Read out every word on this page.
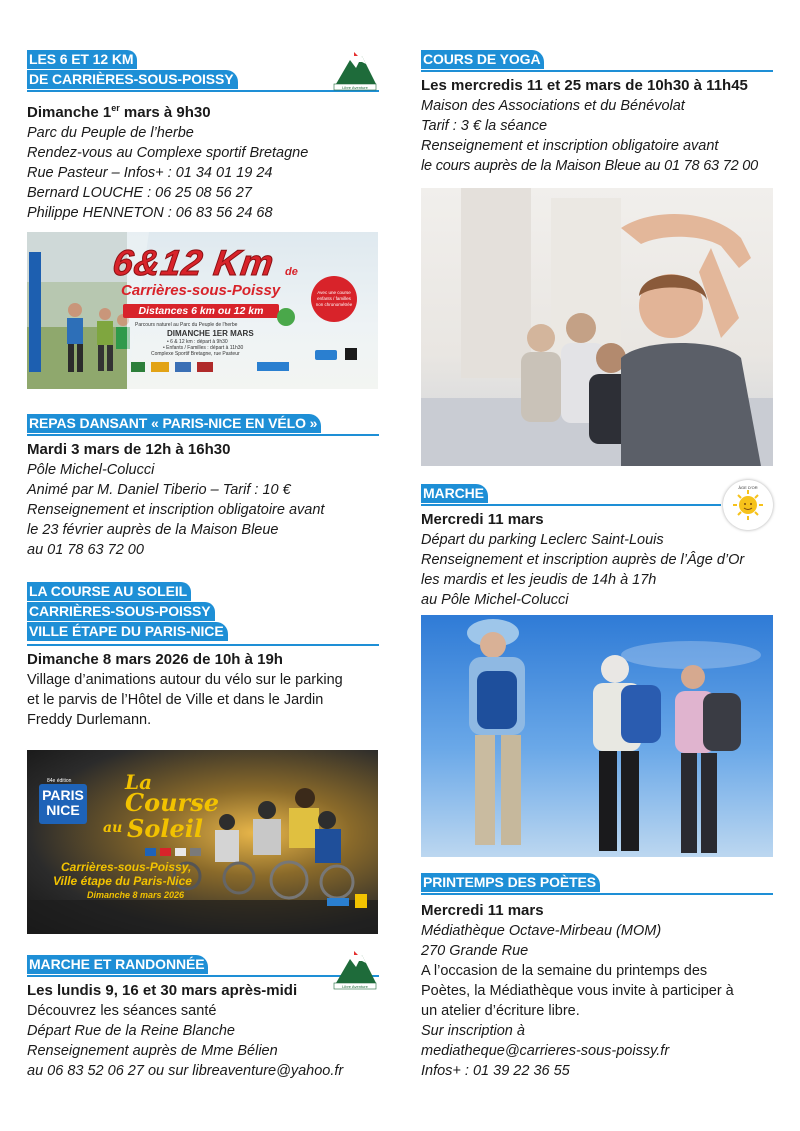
LES 6 ET 12 KM
DE CARRIÈRES-SOUS-POISSY
Libre Aventure
Dimanche 1er mars à 9h30
Parc du Peuple de l’herbe
Rendez-vous au Complexe sportif Bretagne
Rue Pasteur – Infos+ : 01 34 01 19 24
Bernard LOUCHE : 06 25 08 56 27
Philippe HENNETON : 06 83 56 24 68
6&12 Km de
Carrières-sous-Poissy
Distances 6 km ou 12 km
Parcours naturel au Parc du Peuple de l'herbe
DIMANCHE 1ER MARS
• 6 & 12 km : départ à 9h30
• Enfants / Familles : départ à 11h30
Complexe Sportif Bretagne, rue Pasteur
Avec une course enfants / familles non chronométrée
REPAS DANSANT « PARIS-NICE EN VÉLO »
Mardi 3 mars de 12h à 16h30
Pôle Michel-Colucci
Animé par M. Daniel Tiberio – Tarif : 10 €
Renseignement et inscription obligatoire avant
le 23 février auprès de la Maison Bleue
au 01 78 63 72 00
LA COURSE AU SOLEIL
CARRIÈRES-SOUS-POISSY
VILLE ÉTAPE DU PARIS-NICE
Dimanche 8 mars 2026 de 10h à 19h
Village d’animations autour du vélo sur le parking
et le parvis de l’Hôtel de Ville et dans le Jardin
Freddy Durlemann.
84e édition
PARIS
NICE
La
Course
au Soleil
Carrières-sous-Poissy,
Ville étape du Paris-Nice
Dimanche 8 mars 2026
MARCHE ET RANDONNÉE
Libre Aventure
Les lundis 9, 16 et 30 mars après-midi
Découvrez les séances santé
Départ Rue de la Reine Blanche
Renseignement auprès de Mme Bélien
au 06 83 52 06 27 ou sur libreaventure@yahoo.fr
COURS DE YOGA
Les mercredis 11 et 25 mars de 10h30 à 11h45
Maison des Associations et du Bénévolat
Tarif : 3 € la séance
Renseignement et inscription obligatoire avant
le cours auprès de la Maison Bleue au 01 78 63 72 00
MARCHE	ÂGE D'OR
Mercredi 11 mars
Départ du parking Leclerc Saint-Louis
Renseignement et inscription auprès de l’Âge d’Or
les mardis et les jeudis de 14h à 17h
au Pôle Michel-Colucci
PRINTEMPS DES POÈTES
Mercredi 11 mars
Médiathèque Octave-Mirbeau (MOM)
270 Grande Rue
A l’occasion de la semaine du printemps des
Poètes, la Médiathèque vous invite à participer à
un atelier d’écriture libre.
Sur inscription à
mediatheque@carrieres-sous-poissy.fr
Infos+ : 01 39 22 36 55
